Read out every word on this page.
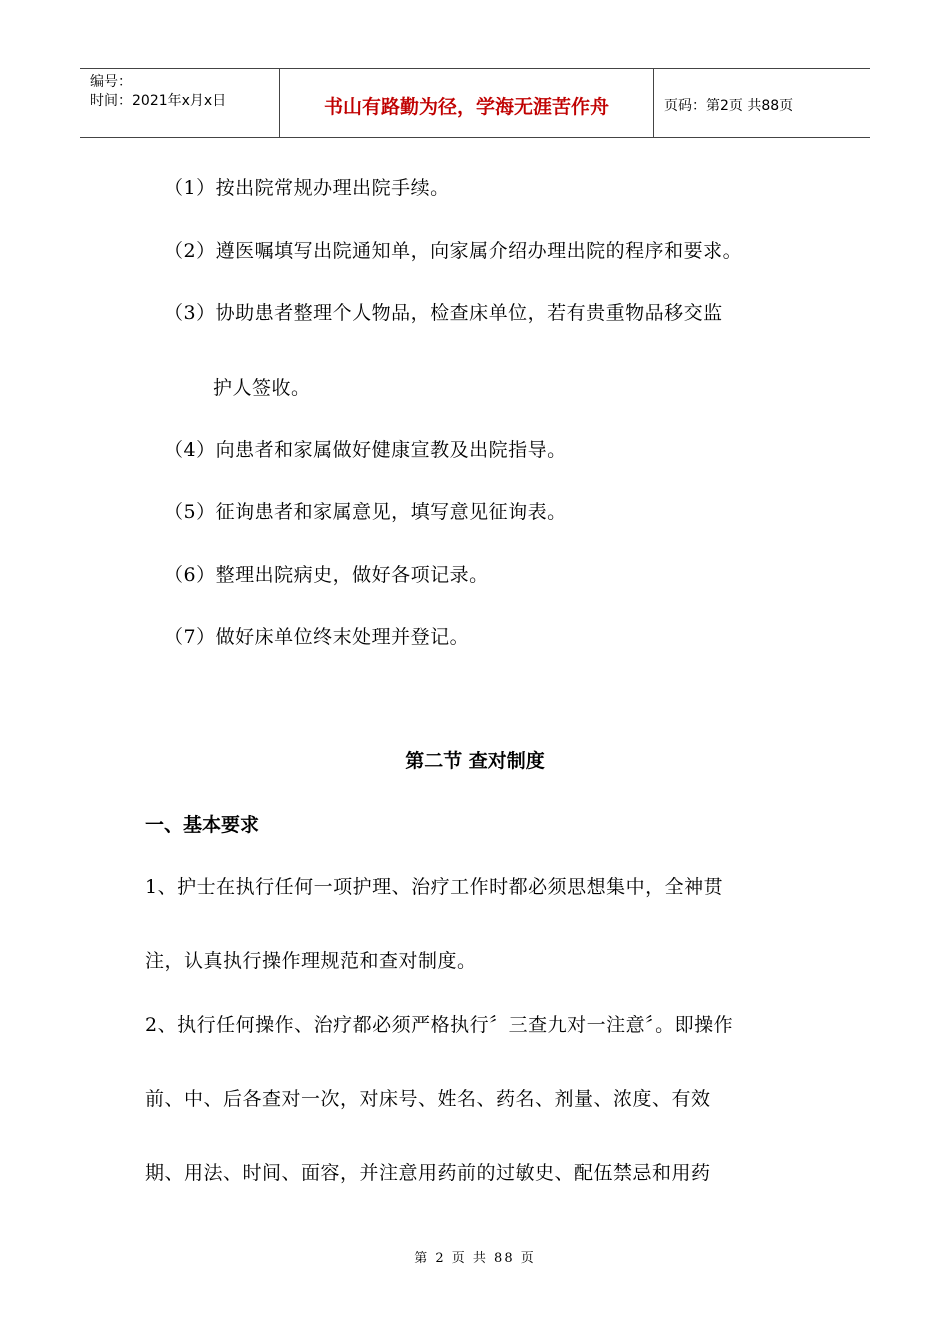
编号：
时间：2021年x月x日	书山有路勤为径，学海无涯苦作舟	页码：第2页 共88页
（1）按出院常规办理出院手续。
（2）遵医嘱填写出院通知单，向家属介绍办理出院的程序和要求。
（3）协助患者整理个人物品，检查床单位，若有贵重物品移交监
护人签收。
（4）向患者和家属做好健康宣教及出院指导。
（5）征询患者和家属意见，填写意见征询表。
（6）整理出院病史，做好各项记录。
（7）做好床单位终末处理并登记。
第二节 查对制度
一、基本要求
1、护士在执行任何一项护理、治疗工作时都必须思想集中，全神贯
注，认真执行操作理规范和查对制度。
2、执行任何操作、治疗都必须严格执行〞三查九对一注意〞。即操作
前、中、后各查对一次，对床号、姓名、药名、剂量、浓度、有效
期、用法、时间、面容，并注意用药前的过敏史、配伍禁忌和用药
第 2 页 共 88 页
